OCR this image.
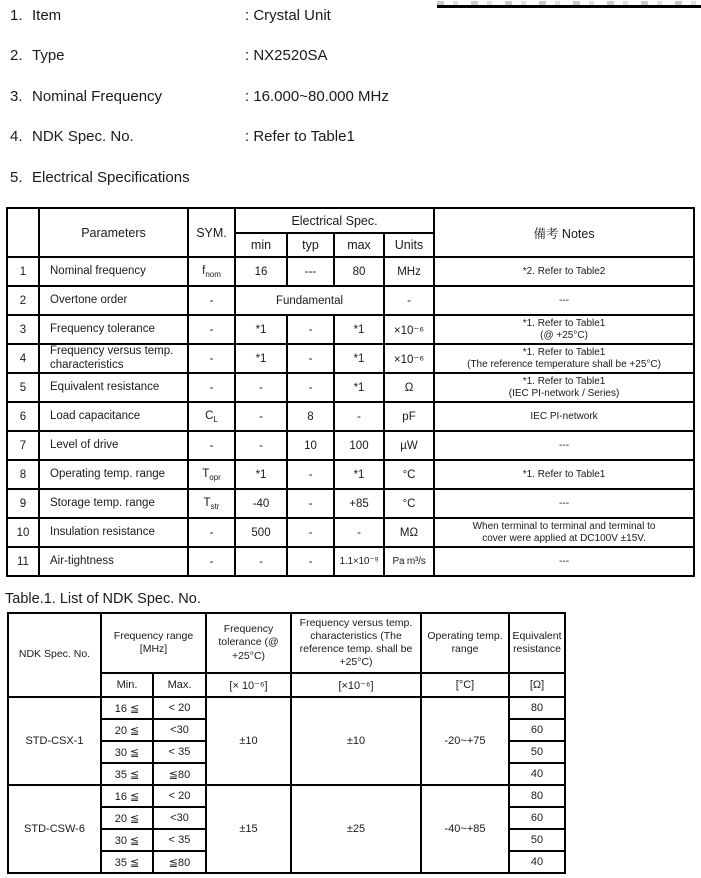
1. Item	: Crystal Unit
2. Type	: NX2520SA
3. Nominal Frequency	: 16.000~80.000 MHz
4. NDK Spec. No.	: Refer to Table1
5. Electrical Specifications
	Parameters	SYM.	Electrical Spec.				備考 Notes
			min	typ	max	Units	
1	Nominal frequency	$f_{nom}$	16	---	80	MHz	*2. Refer to Table2

2	Overtone order	-	Fundamental			-	---

3	Frequency tolerance	-	*1	-	*1	×10⁻⁶	*1. Refer to Table1
(@ +25°C)

4	Frequency versus temp. characteristics	-	*1	-	*1	×10⁻⁶	*1. Refer to Table1
(The reference temperature shall be +25°C)

5	Equivalent resistance	-	-	-	*1	Ω	*1. Refer to Table1
(IEC PI-network / Series)

6	Load capacitance	$C_L$	-	8	-	pF	IEC PI-network

7	Level of drive	-	-	10	100	µW	---

8	Operating temp. range	$T_{opr}$	*1	-	*1	°C	*1. Refer to Table1

9	Storage temp. range	$T_{str}$	-40	-	+85	°C	---

10	Insulation resistance	-	500	-	-	MΩ	When terminal to terminal and terminal to
cover were applied at DC100V ±15V.

11	Air-tightness	-	-	-	1.1×10⁻⁹	Pa m³/s	---
Table.1. List of NDK Spec. No.
NDK Spec. No.	Frequency range [MHz]		Frequency tolerance (@ +25°C)	Frequency versus temp. characteristics (The reference temp. shall be +25°C)	Operating temp. range	Equivalent resistance
	Min.	Max.	[× 10⁻⁶]	[×10⁻⁶]	[°C]	[Ω]
STD-CSX-1	16 ≦	< 20	±10	±10	-20~+75	80
	20 ≦	<30				60
	30 ≦	< 35				50
	35 ≦	≦80				40
STD-CSW-6	16 ≦	< 20	±15	±25	-40~+85	80
	20 ≦	<30				60
	30 ≦	< 35				50
	35 ≦	≦80				40
